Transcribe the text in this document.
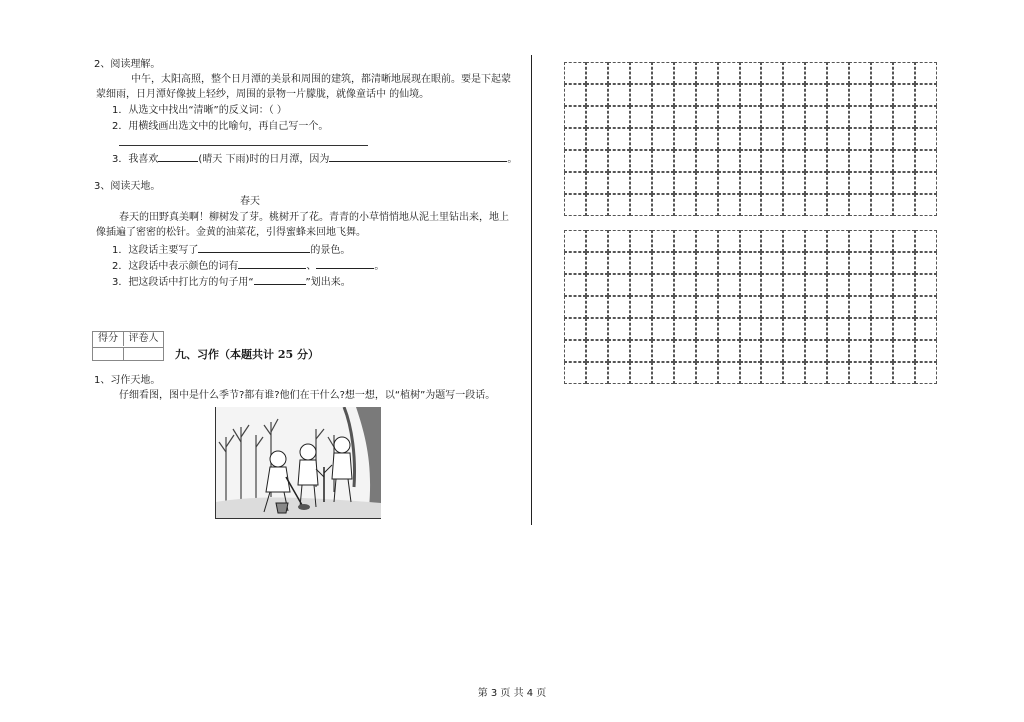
2、阅读理解。
中午，太阳高照，整个日月潭的美景和周围的建筑，都清晰地展现在眼前。要是下起蒙
蒙细雨，日月潭好像披上轻纱，周围的景物一片朦胧，就像童话中 的仙境。
1．从选文中找出“清晰”的反义词：（ ）
2．用横线画出选文中的比喻句，再自己写一个。
3．我喜欢	(晴天 下雨)时的日月潭，因为	。
3、阅读天地。
春天
春天的田野真美啊！柳树发了芽。桃树开了花。青青的小草悄悄地从泥土里钻出来，地上
像插遍了密密的松针。金黄的油菜花，引得蜜蜂来回地飞舞。
1．这段话主要写了	的景色。
2．这段话中表示颜色的词有	、	。
3．把这段话中打比方的句子用“	”划出来。
得分	评卷人
九、习作（本题共计 25 分）
1、习作天地。
仔细看图，图中是什么季节?都有谁?他们在干什么?想一想，以“植树”为题写一段话。
第 3 页 共 4 页
